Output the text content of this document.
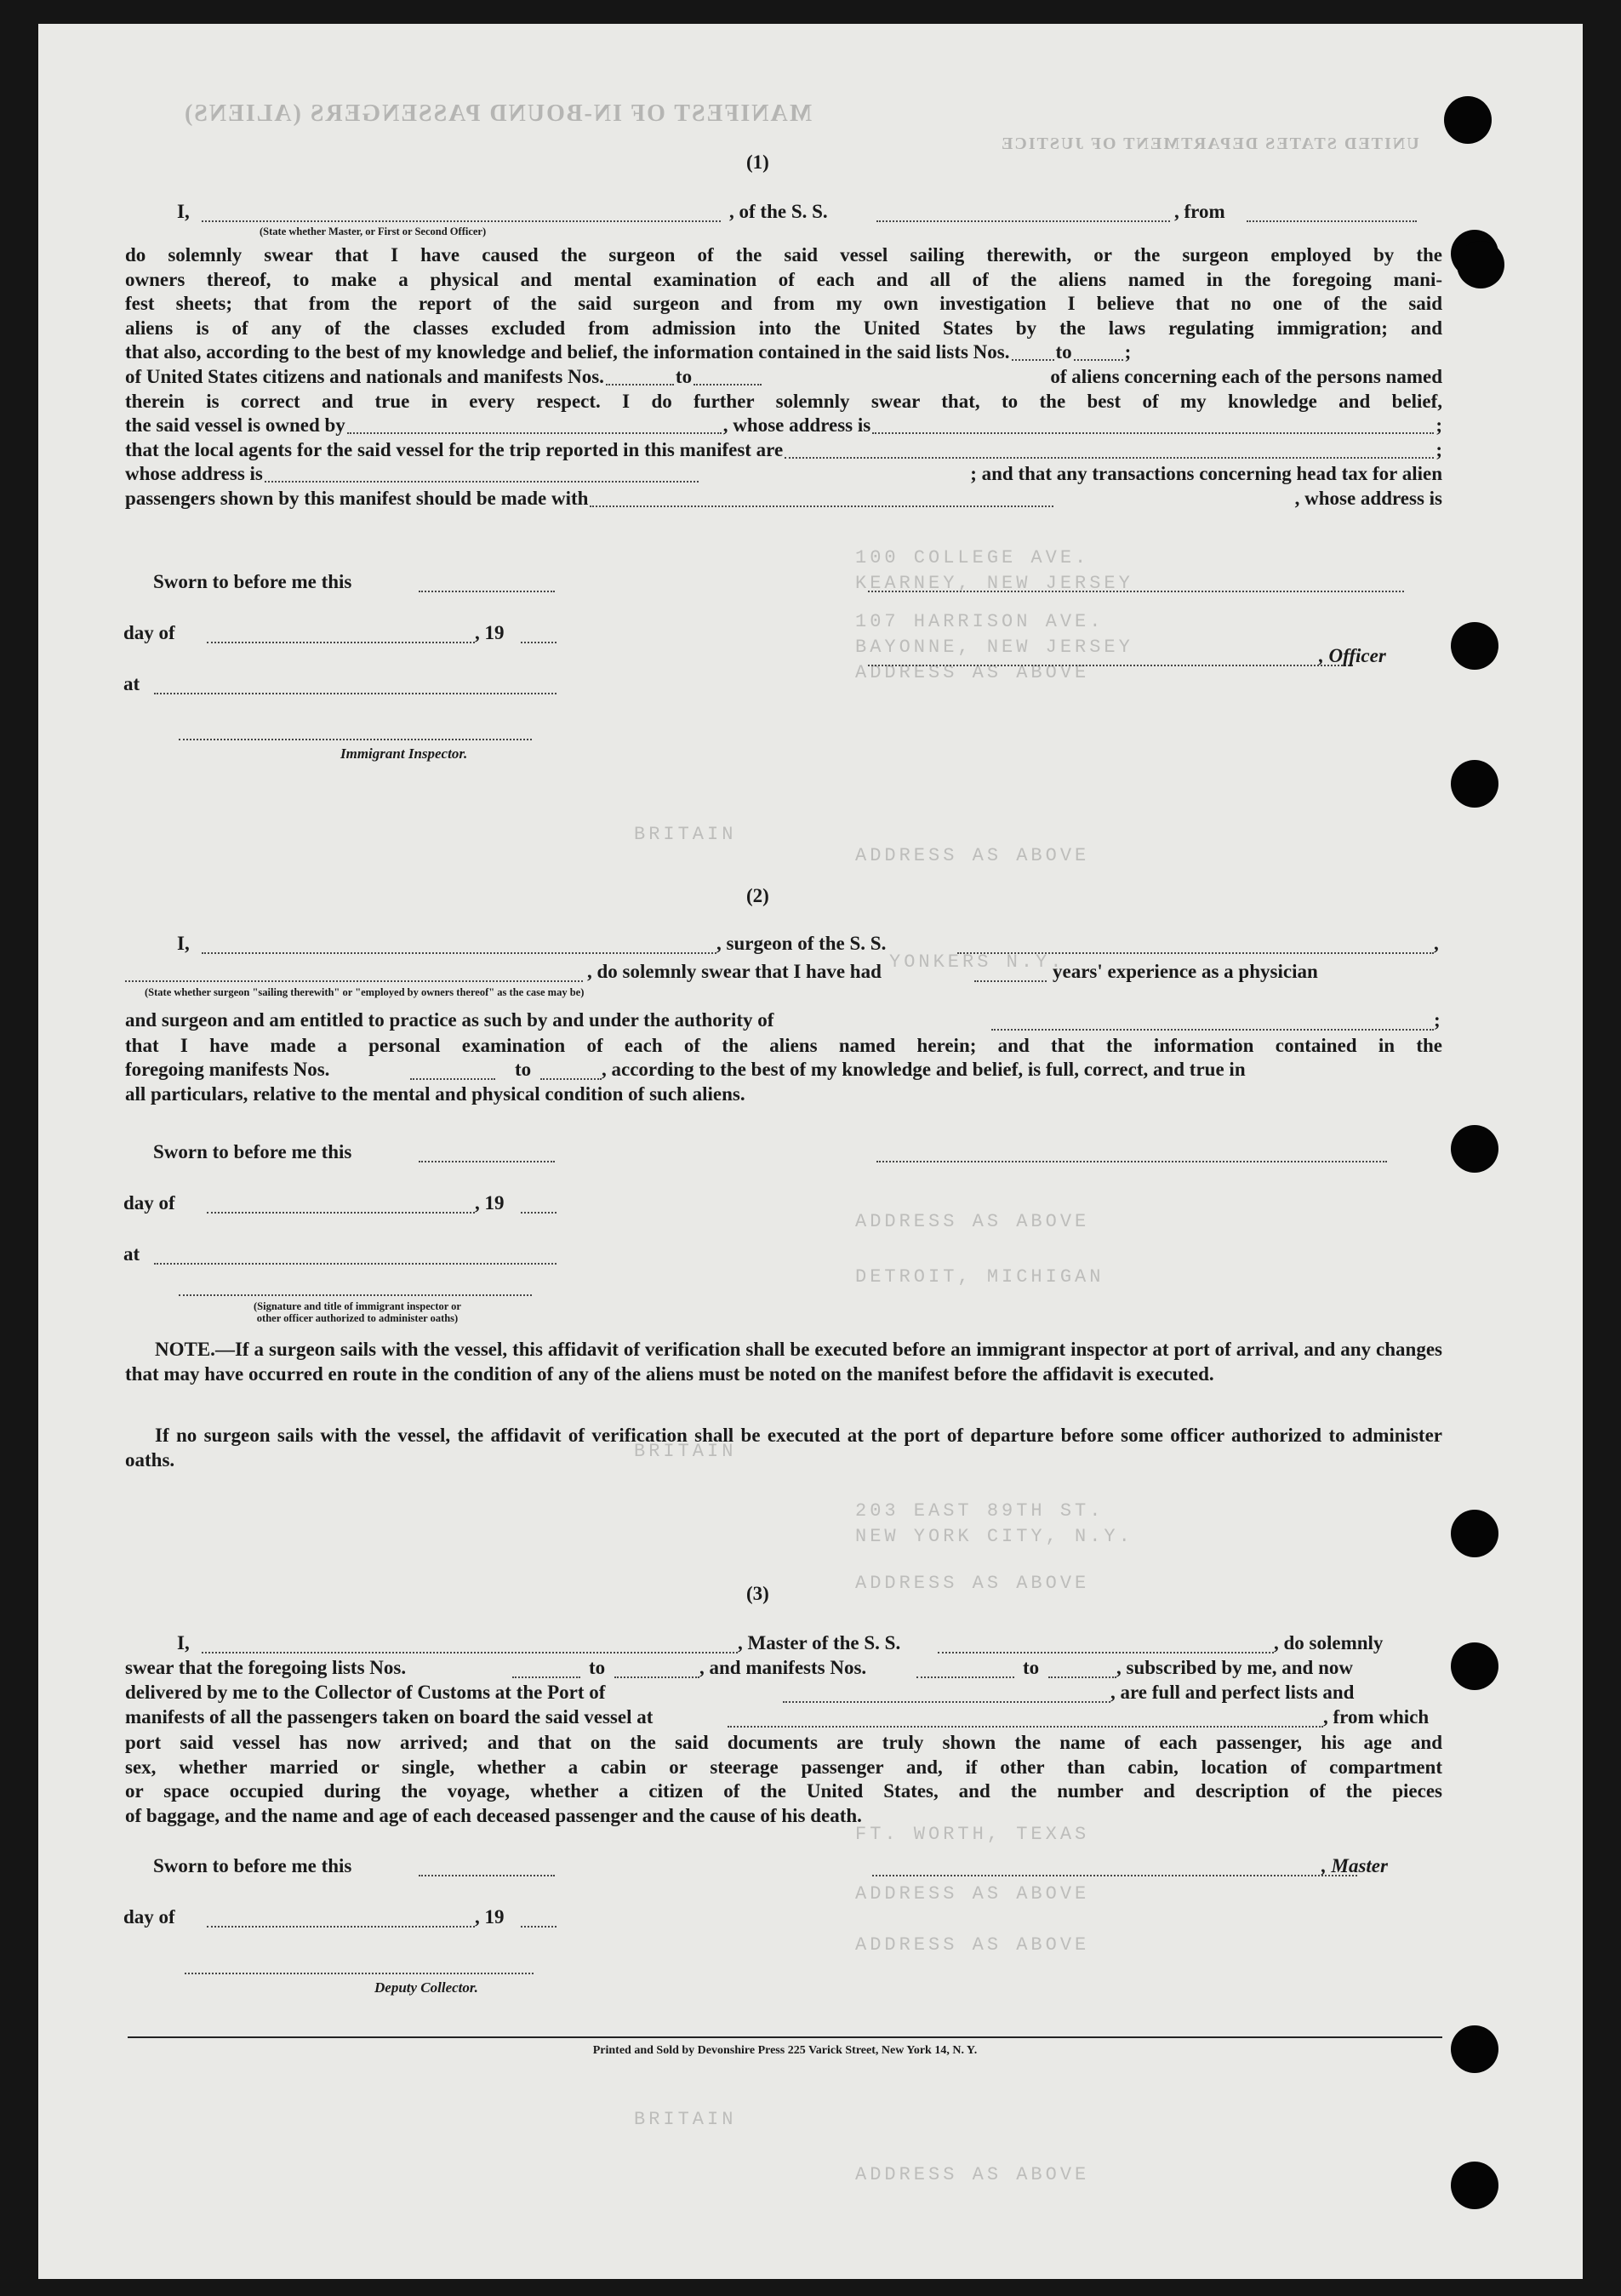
MANIFEST OF IN-BOUND PASSENGERS (ALIENS)
UNITED STATES DEPARTMENT OF JUSTICE
100 COLLEGE AVE.
KEARNEY, NEW JERSEY
107 HARRISON AVE.
BAYONNE, NEW JERSEY
ADDRESS AS ABOVE
BRITAIN
ADDRESS AS ABOVE
YONKERS N.Y.
ADDRESS AS ABOVE
DETROIT, MICHIGAN
BRITAIN
203 EAST 89TH ST.
NEW YORK CITY, N.Y.
ADDRESS AS ABOVE
FT. WORTH, TEXAS
ADDRESS AS ABOVE
ADDRESS AS ABOVE
BRITAIN
ADDRESS AS ABOVE
(1)
I,	, of the S. S.	, from
(State whether Master, or First or Second Officer)
do solemnly swear that I have caused the surgeon of the said vessel sailing therewith, or the surgeon employed by the
owners thereof, to make a physical and mental examination of each and all of the aliens named in the foregoing mani-
fest sheets; that from the report of the said surgeon and from my own investigation I believe that no one of the said
aliens is of any of the classes excluded from admission into the United States by the laws regulating immigration; and
that also, according to the best of my knowledge and belief, the information contained in the said lists Nos. to	;
of United States citizens and nationals and manifests Nos.	to	of aliens concerning each of the persons named
therein is correct and true in every respect. I do further solemnly swear that, to the best of my knowledge and belief,
the said vessel is owned by	, whose address is	;
that the local agents for the said vessel for the trip reported in this manifest are	;
whose address is	; and that any transactions concerning head tax for alien
passengers shown by this manifest should be made with	, whose address is
Sworn to before me this
day of	, 19
, Officer
at
Immigrant Inspector.
(2)
I,	, surgeon of the S. S.	,
, do solemnly swear that I have had	years' experience as a physician
(State whether surgeon "sailing therewith" or "employed by owners thereof" as the case may be)
and surgeon and am entitled to practice as such by and under the authority of	;
that I have made a personal examination of each of the aliens named herein; and that the information contained in the
foregoing manifests Nos.	to	, according to the best of my knowledge and belief, is full, correct, and true in
all particulars, relative to the mental and physical condition of such aliens.
Sworn to before me this
day of	, 19
at
(Signature and title of immigrant inspector or
other officer authorized to administer oaths)
NOTE.—If a surgeon sails with the vessel, this affidavit of verification shall be executed before an immigrant inspector at port of arrival, and any changes that may have occurred en route in the condition of any of the aliens must be noted on the manifest before the affidavit is executed.
If no surgeon sails with the vessel, the affidavit of verification shall be executed at the port of departure before some officer authorized to administer oaths.
(3)
I,	, Master of the S. S.	, do solemnly
swear that the foregoing lists Nos.	to	, and manifests Nos.	to	, subscribed by me, and now
delivered by me to the Collector of Customs at the Port of	, are full and perfect lists and
manifests of all the passengers taken on board the said vessel at	, from which
port said vessel has now arrived; and that on the said documents are truly shown the name of each passenger, his age and
sex, whether married or single, whether a cabin or steerage passenger and, if other than cabin, location of compartment
or space occupied during the voyage, whether a citizen of the United States, and the number and description of the pieces
of baggage, and the name and age of each deceased passenger and the cause of his death.
Sworn to before me this	, Master
day of	, 19
Deputy Collector.
Printed and Sold by Devonshire Press 225 Varick Street, New York 14, N. Y.
